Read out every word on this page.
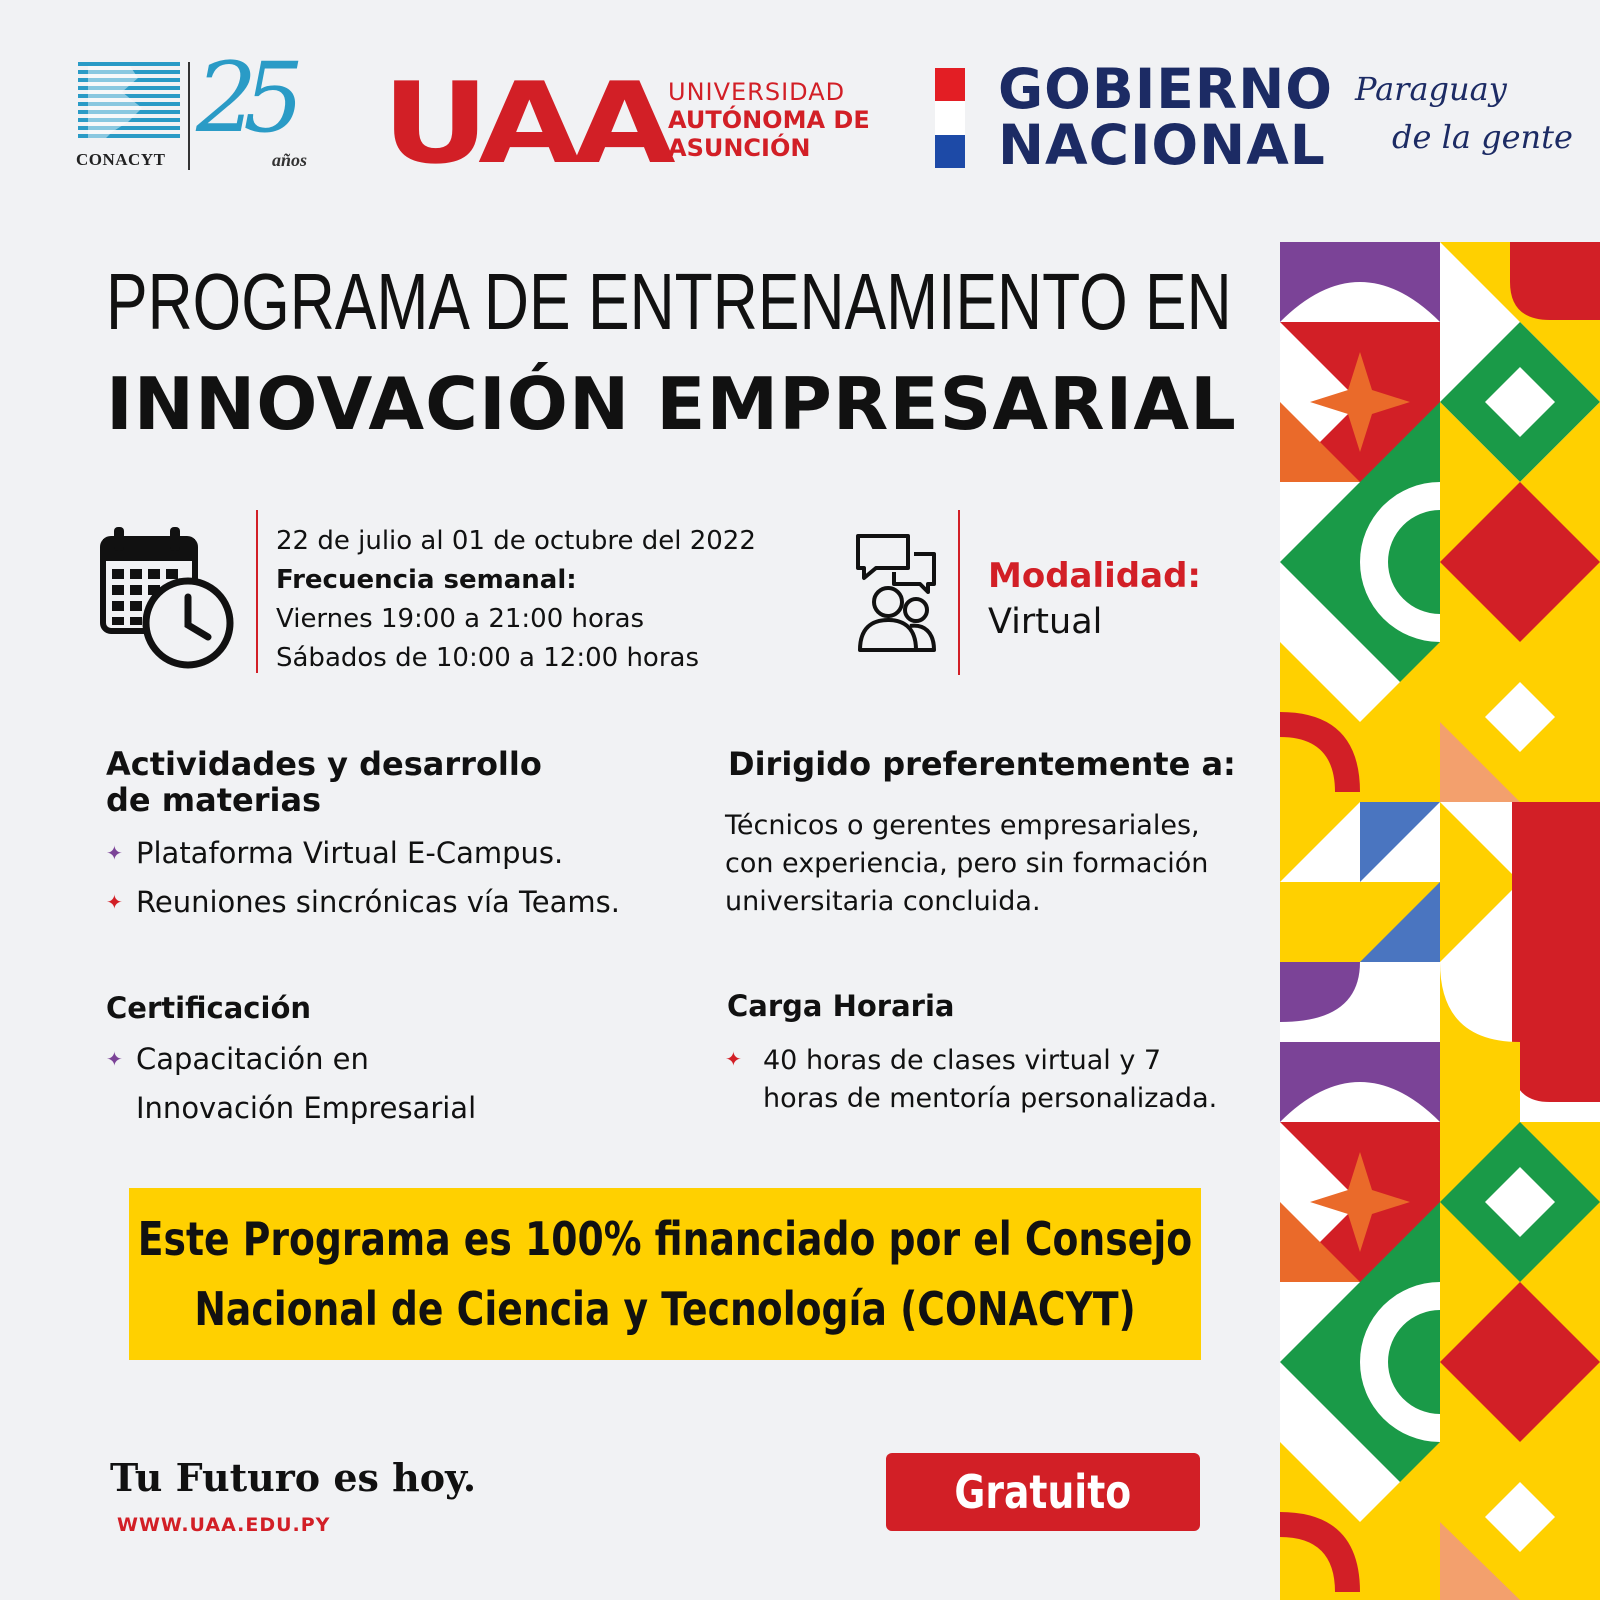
CONACYT
25
años UAA UNIVERSIDAD
AUTÓNOMA DE
ASUNCIÓN
GOBIERNO
NACIONAL
Paraguay
de la gente
PROGRAMA DE ENTRENAMIENTO EN
INNOVACIÓN EMPRESARIAL
22 de julio al 01 de octubre del 2022
Frecuencia semanal:
Viernes 19:00 a 21:00 horas
Sábados de 10:00 a 12:00 horas
Modalidad:
Virtual
Actividades y desarrollo
de materias
✦ Plataforma Virtual E-Campus.
✦ Reuniones sincrónicas vía Teams.
Dirigido preferentemente a:
Técnicos o gerentes empresariales,
con experiencia, pero sin formación
universitaria concluida.
Certificación
✦ Capacitación en
Innovación Empresarial
Carga Horaria
✦ 40 horas de clases virtual y 7
horas de mentoría personalizada.
Este Programa es 100% financiado por el Consejo
Nacional de Ciencia y Tecnología (CONACYT)
Tu Futuro es hoy.
WWW.UAA.EDU.PY
Gratuito
